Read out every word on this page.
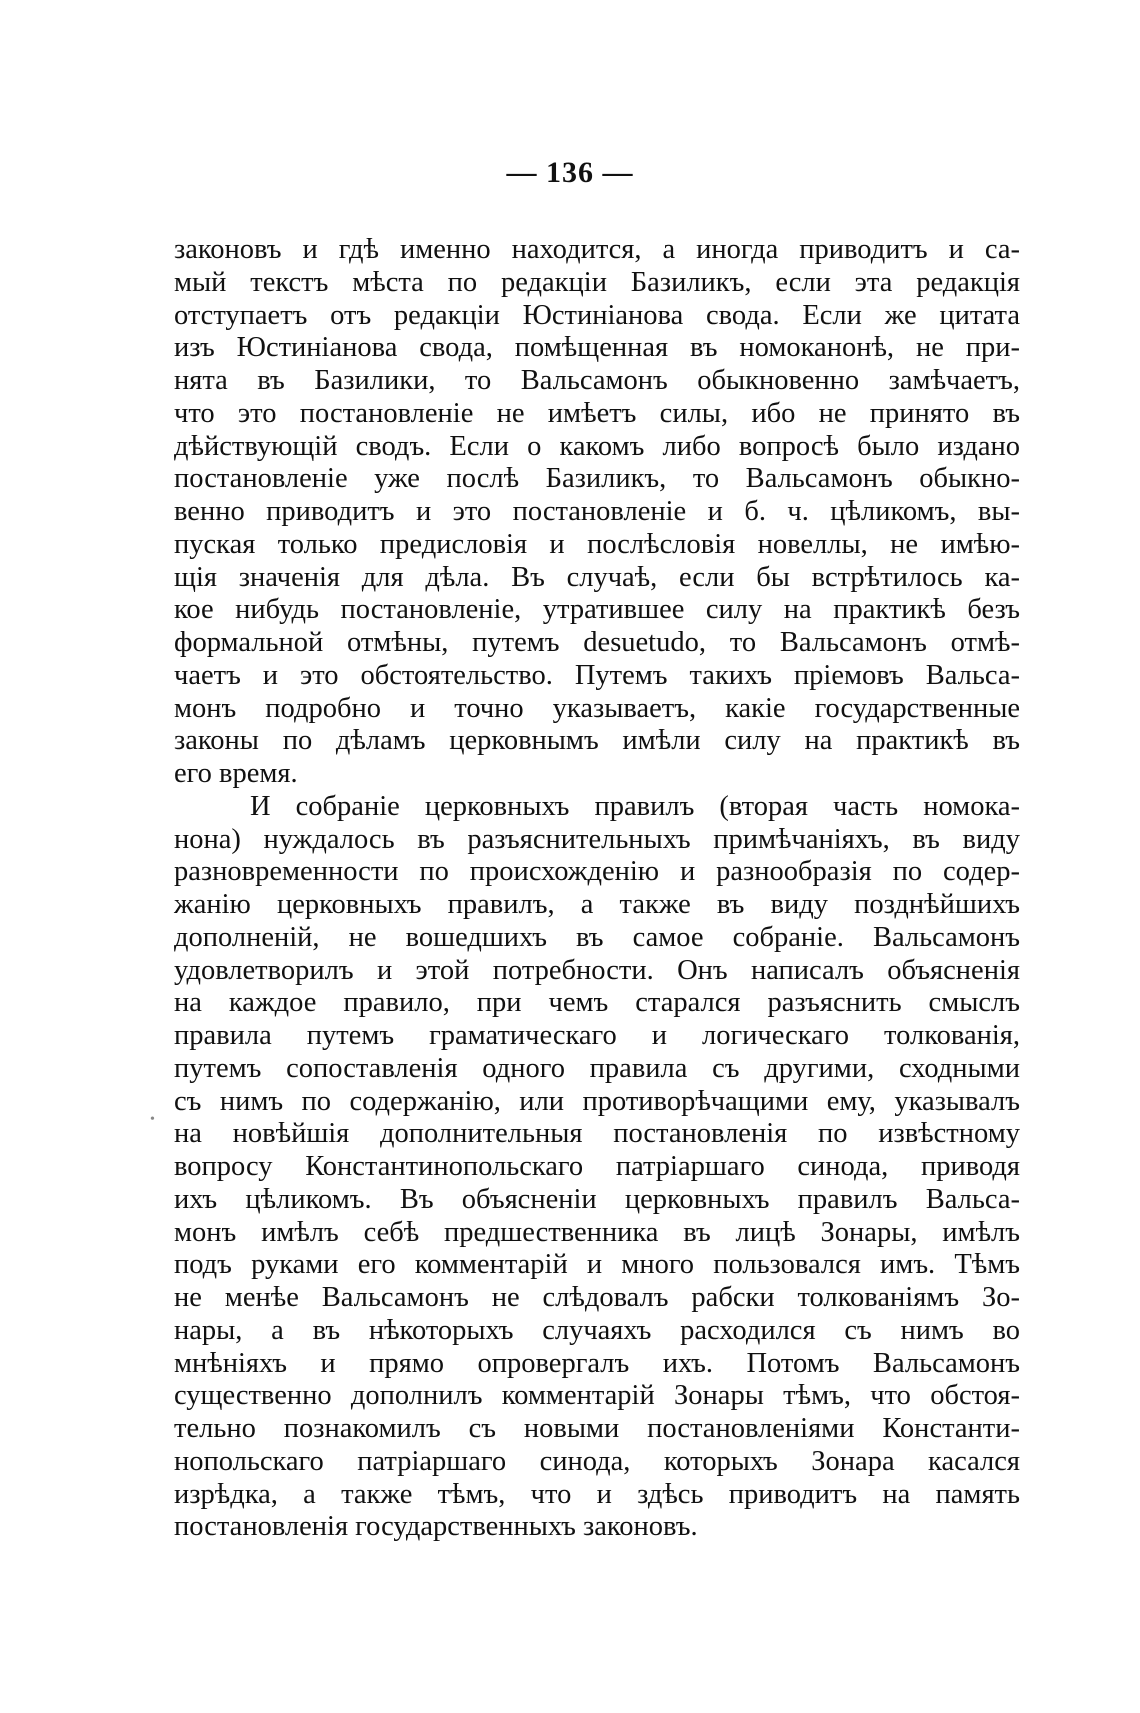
— 136 —
законовъ и гдѣ именно находится, а иногда приводитъ и са-
мый текстъ мѣста по редакціи Базиликъ, если эта редакція
отступаетъ отъ редакціи Юстиніанова свода. Если же цитата
изъ Юстиніанова свода, помѣщенная въ номоканонѣ, не при-
нята въ Базилики, то Вальсамонъ обыкновенно замѣчаетъ,
что это постановленіе не имѣетъ силы, ибо не принято въ
дѣйствующій сводъ. Если о какомъ либо вопросѣ было издано
постановленіе уже послѣ Базиликъ, то Вальсамонъ обыкно-
венно приводитъ и это постановленіе и б. ч. цѣликомъ, вы-
пуская только предисловія и послѣсловія новеллы, не имѣю-
щія значенія для дѣла. Въ случаѣ, если бы встрѣтилось ка-
кое нибудь постановленіе, утратившее силу на практикѣ безъ
формальной отмѣны, путемъ desuetudo, то Вальсамонъ отмѣ-
чаетъ и это обстоятельство. Путемъ такихъ пріемовъ Вальса-
монъ подробно и точно указываетъ, какіе государственные
законы по дѣламъ церковнымъ имѣли силу на практикѣ въ
его время.
И собраніе церковныхъ правилъ (вторая часть номока-
нона) нуждалось въ разъяснительныхъ примѣчаніяхъ, въ виду
разновременности по происхожденію и разнообразія по содер-
жанію церковныхъ правилъ, а также въ виду позднѣйшихъ
дополненій, не вошедшихъ въ самое собраніе. Вальсамонъ
удовлетворилъ и этой потребности. Онъ написалъ объясненія
на каждое правило, при чемъ старался разъяснить смыслъ
правила путемъ граматическаго и логическаго толкованія,
путемъ сопоставленія одного правила съ другими, сходными
съ нимъ по содержанію, или противорѣчащими ему, указывалъ
на новѣйшія дополнительныя постановленія по извѣстному
вопросу Константинопольскаго патріаршаго синода, приводя
ихъ цѣликомъ. Въ объясненіи церковныхъ правилъ Вальса-
монъ имѣлъ себѣ предшественника въ лицѣ Зонары, имѣлъ
подъ руками его комментарій и много пользовался имъ. Тѣмъ
не менѣе Вальсамонъ не слѣдовалъ рабски толкованіямъ Зо-
нары, а въ нѣкоторыхъ случаяхъ расходился съ нимъ во
мнѣніяхъ и прямо опровергалъ ихъ. Потомъ Вальсамонъ
существенно дополнилъ комментарій Зонары тѣмъ, что обстоя-
тельно познакомилъ съ новыми постановленіями Константи-
нопольскаго патріаршаго синода, которыхъ Зонара касался
изрѣдка, а также тѣмъ, что и здѣсь приводитъ на память
постановленія государственныхъ законовъ.
•
